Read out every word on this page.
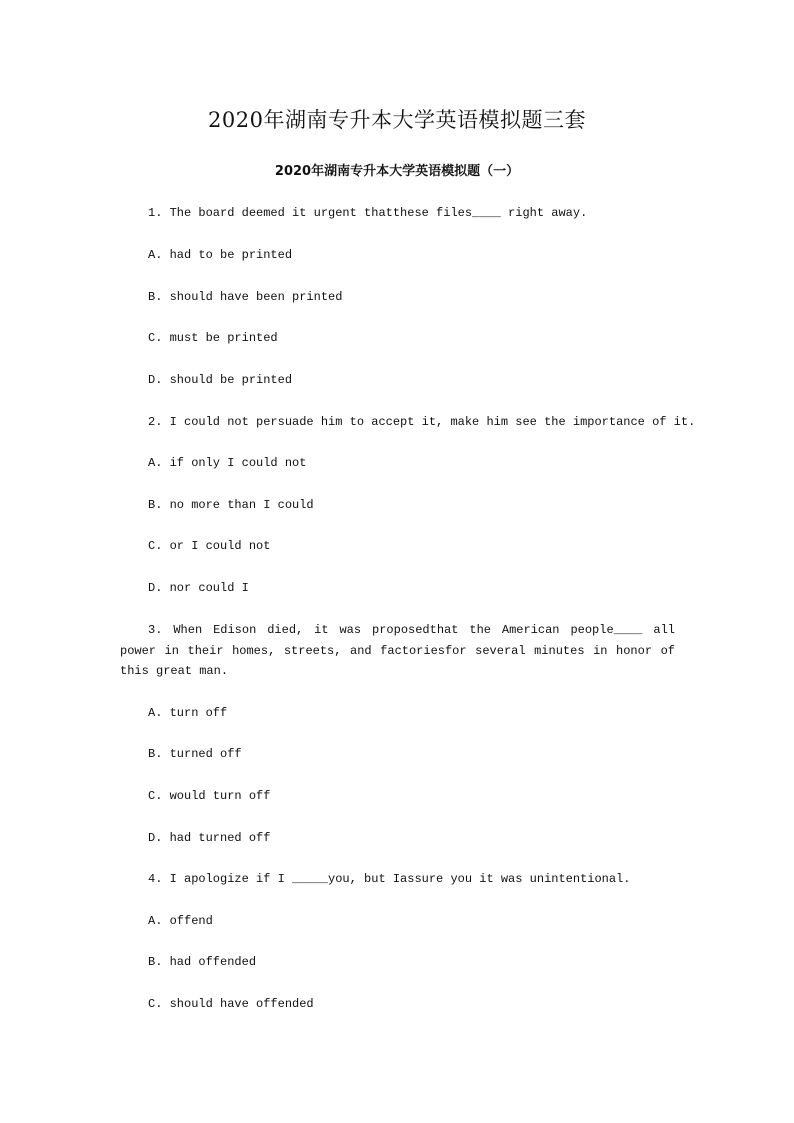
2020年湖南专升本大学英语模拟题三套
2020年湖南专升本大学英语模拟题（一）
1. The board deemed it urgent thatthese files____ right away.
A. had to be printed
B. should have been printed
C. must be printed
D. should be printed
2. I could not persuade him to accept it, make him see the importance of it.
A. if only I could not
B. no more than I could
C. or I could not
D. nor could I
3. When Edison died, it was proposedthat the American people____ all power in their homes, streets, and factoriesfor several minutes in honor of this great man.
A. turn off
B. turned off
C. would turn off
D. had turned off
4. I apologize if I _____you, but Iassure you it was unintentional.
A. offend
B. had offended
C. should have offended
